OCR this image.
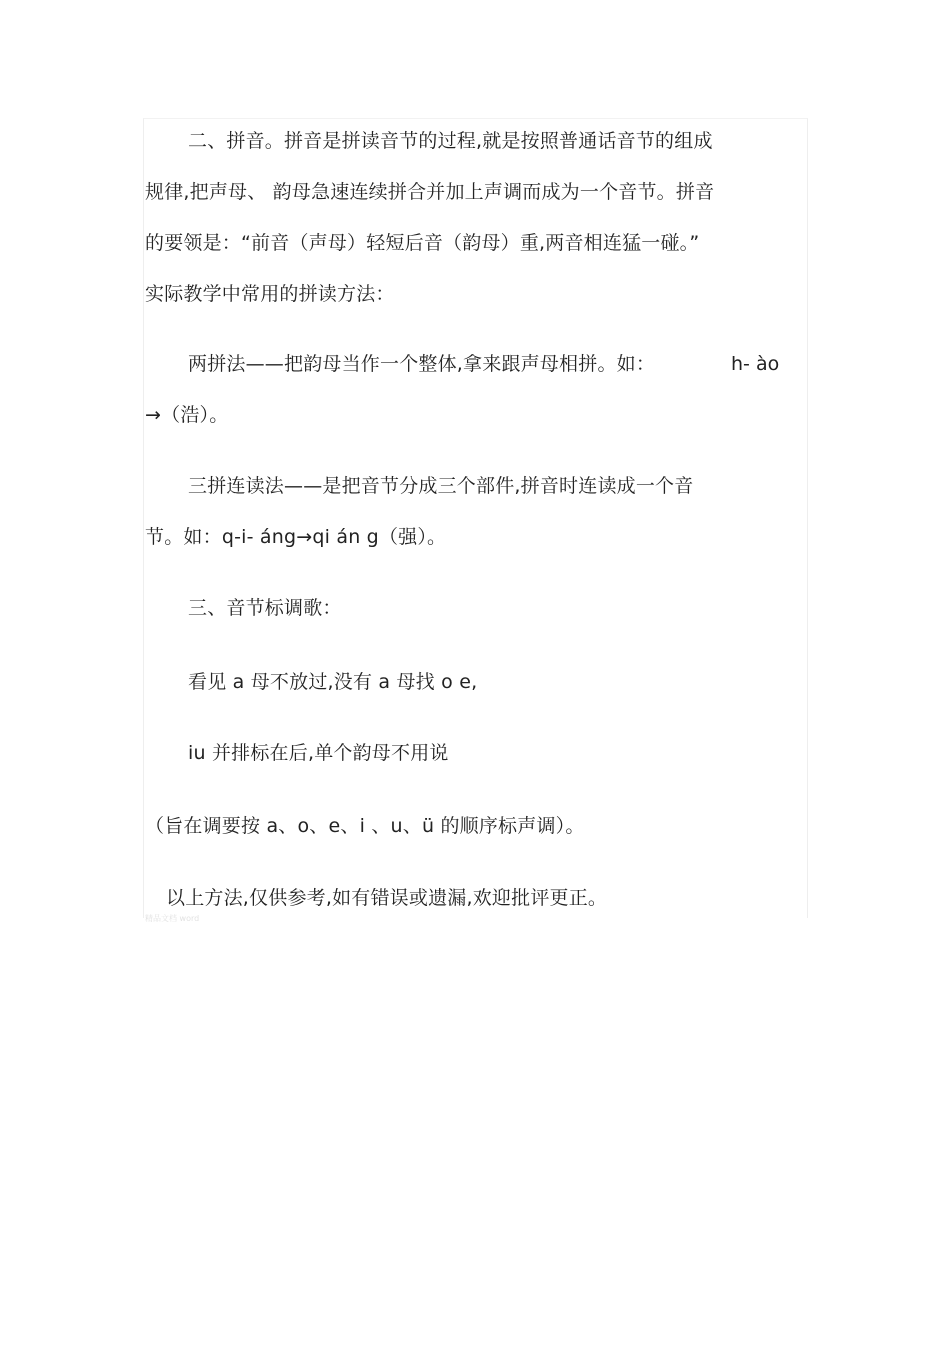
二、拼音。拼音是拼读音节的过程,就是按照普通话音节的组成
规律,把声母、 韵母急速连续拼合并加上声调而成为一个音节。拼音
的要领是：“前音（声母）轻短后音（韵母）重,两音相连猛一碰。”
实际教学中常用的拼读方法：
两拼法——把韵母当作一个整体,拿来跟声母相拼。如：	h- ào
→（浩）。
三拼连读法——是把音节分成三个部件,拼音时连读成一个音
节。如：q-i- áng→qi án g（强）。
三、音节标调歌：
看见 a 母不放过,没有 a 母找 o e,
iu 并排标在后,单个韵母不用说
（旨在调要按 a、o、e、i 、u、ü 的顺序标声调）。
以上方法,仅供参考,如有错误或遗漏,欢迎批评更正。
精品文档 word
